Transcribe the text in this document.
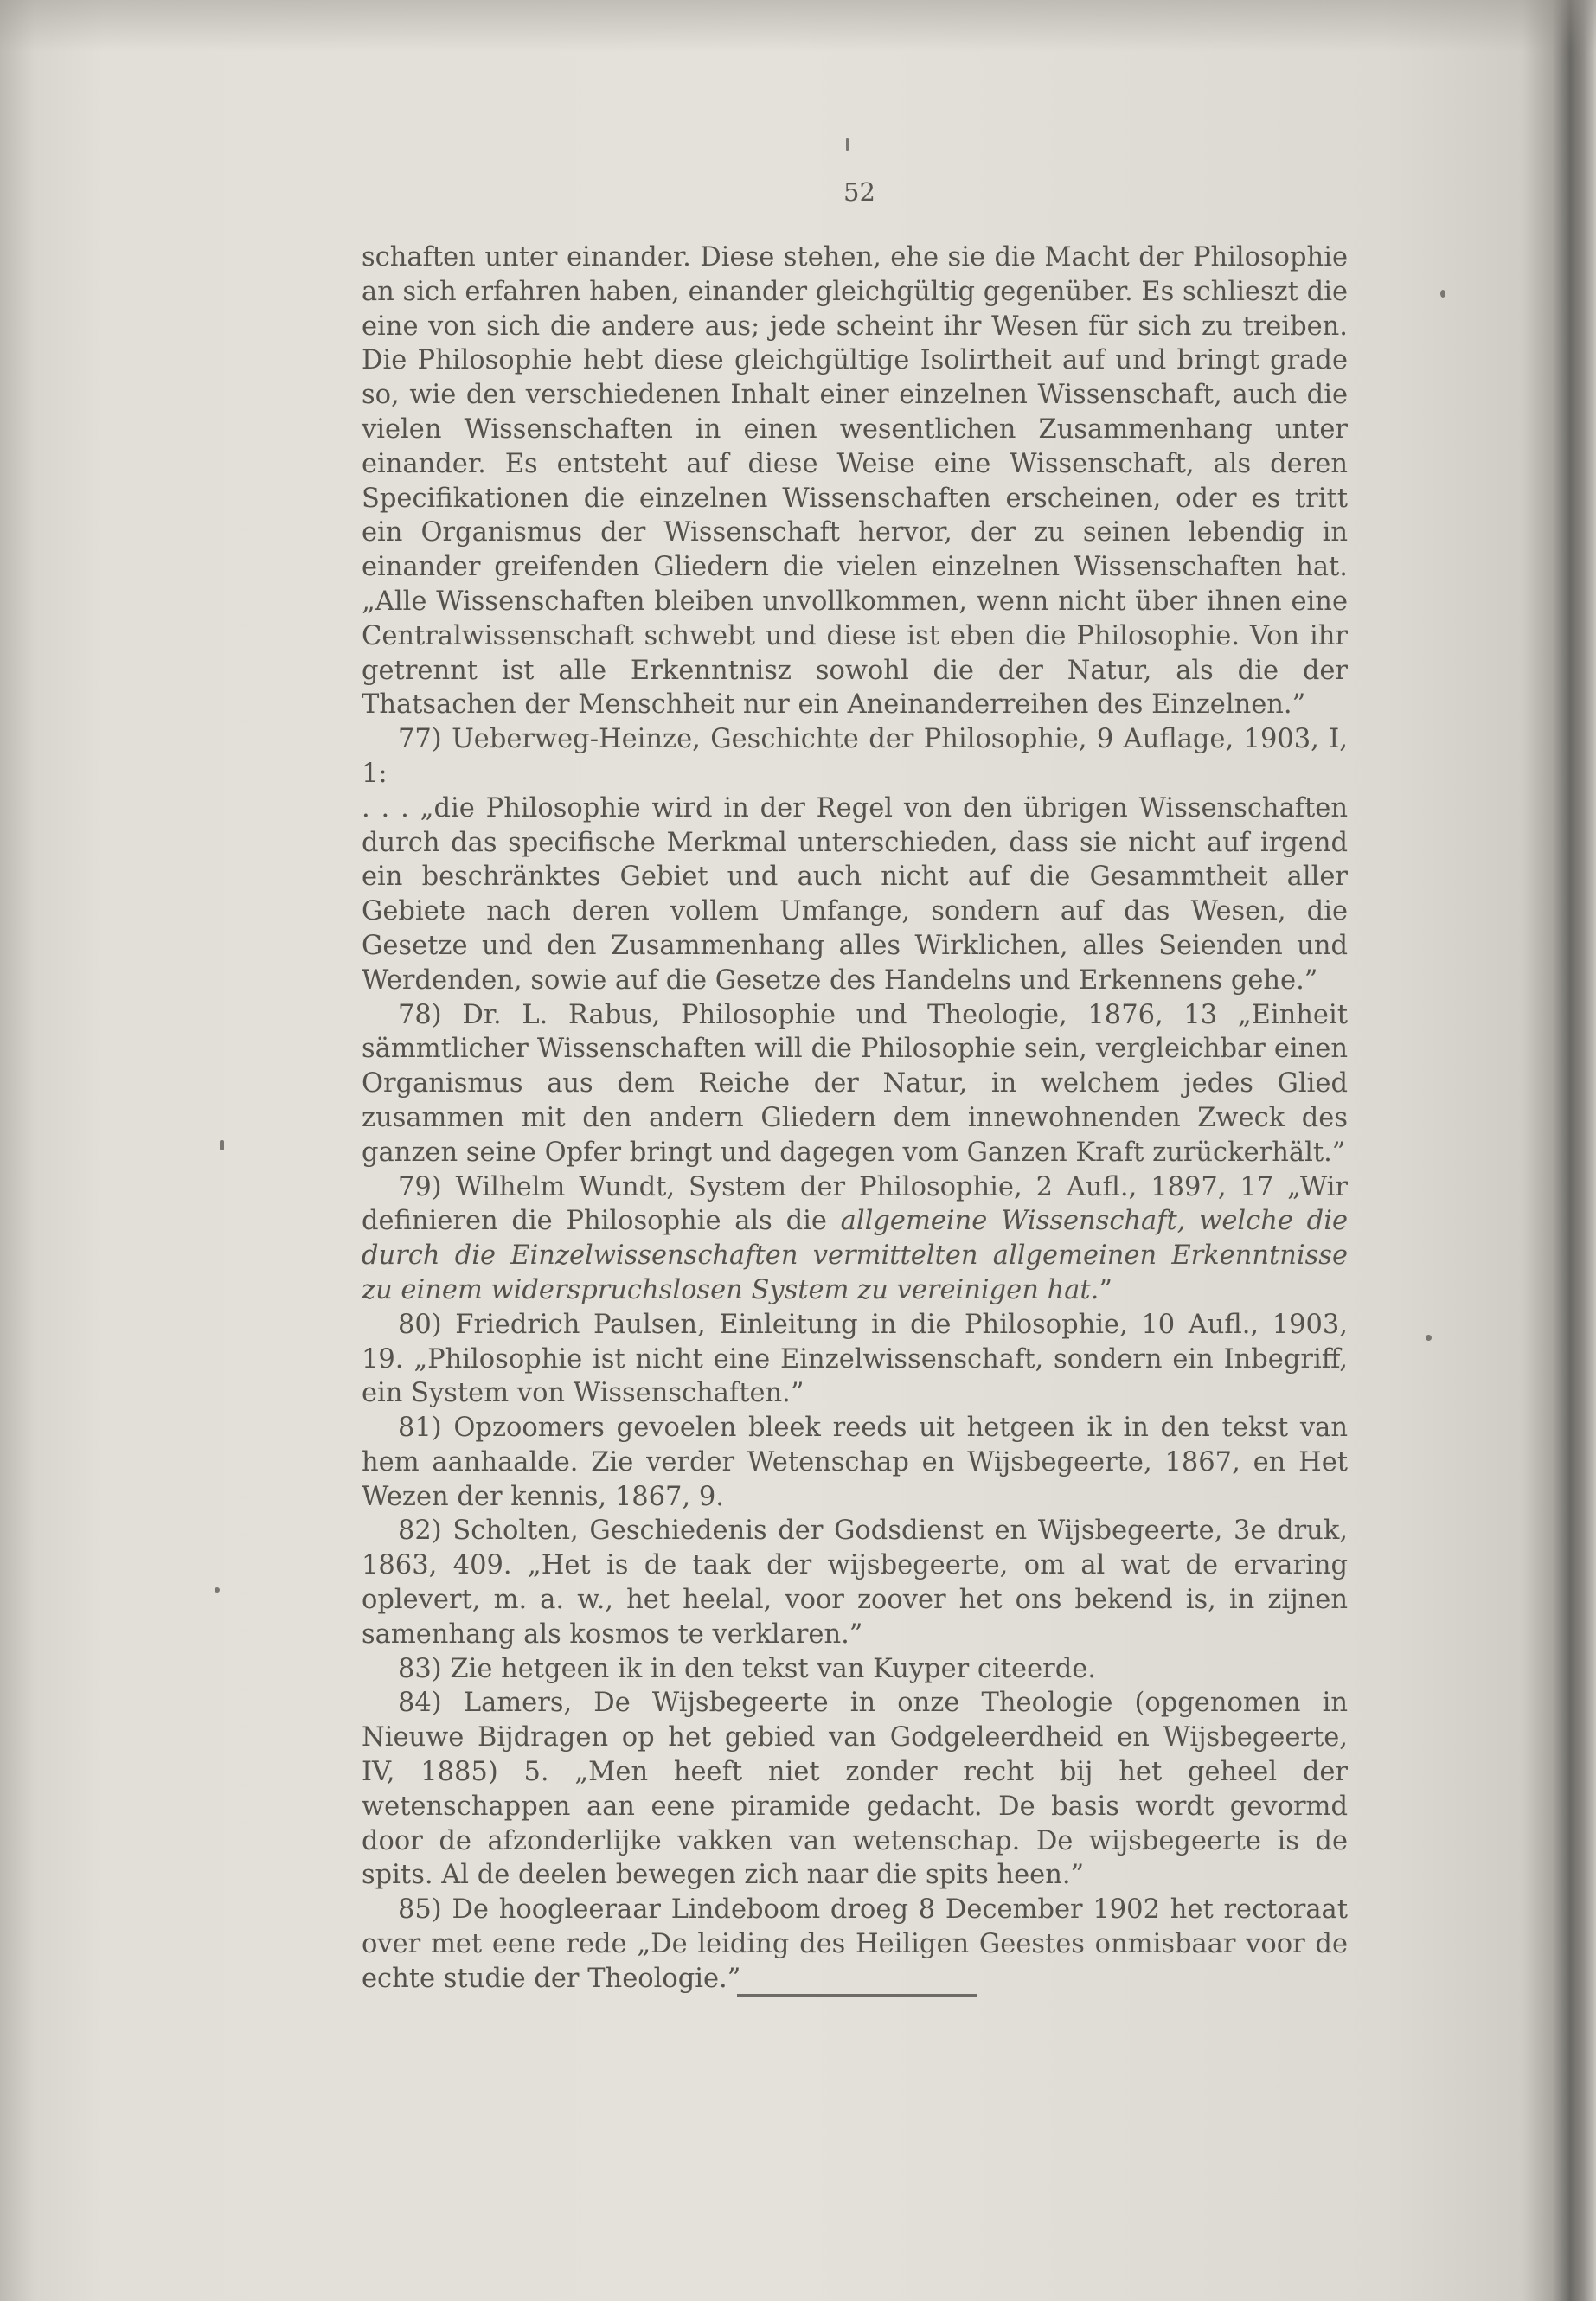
52

schaften unter einander. Diese stehen, ehe sie die Macht der Philosophie an sich erfahren haben, einander gleichgültig gegenüber. Es schlieszt die eine von sich die andere aus; jede scheint ihr Wesen für sich zu treiben. Die Philosophie hebt diese gleichgültige Isolirtheit auf und bringt grade so, wie den verschiedenen Inhalt einer einzelnen Wissenschaft, auch die vielen Wissenschaften in einen wesentlichen Zusammenhang unter einander. Es entsteht auf diese Weise eine Wissenschaft, als deren Specifikationen die einzelnen Wissenschaften erscheinen, oder es tritt ein Organismus der Wissenschaft hervor, der zu seinen lebendig in einander greifenden Gliedern die vielen einzelnen Wissenschaften hat. „Alle Wissenschaften bleiben unvollkommen, wenn nicht über ihnen eine Centralwissenschaft schwebt und diese ist eben die Philosophie. Von ihr getrennt ist alle Erkenntnisz sowohl die der Natur, als die der Thatsachen der Menschheit nur ein Aneinanderreihen des Einzelnen.”

77) Ueberweg-Heinze, Geschichte der Philosophie, 9 Auflage, 1903, I, 1:

. . . „die Philosophie wird in der Regel von den übrigen Wissenschaften durch das specifische Merkmal unterschieden, dass sie nicht auf irgend ein beschränktes Gebiet und auch nicht auf die Gesammtheit aller Gebiete nach deren vollem Umfange, sondern auf das Wesen, die Gesetze und den Zusammenhang alles Wirklichen, alles Seienden und Werdenden, sowie auf die Gesetze des Handelns und Erkennens gehe.”

78) Dr. L. Rabus, Philosophie und Theologie, 1876, 13 „Einheit sämmtlicher Wissenschaften will die Philosophie sein, vergleichbar einen Organismus aus dem Reiche der Natur, in welchem jedes Glied zusammen mit den andern Gliedern dem innewohnenden Zweck des ganzen seine Opfer bringt und dagegen vom Ganzen Kraft zurückerhält.”

79) Wilhelm Wundt, System der Philosophie, 2 Aufl., 1897, 17 „Wir definieren die Philosophie als die allgemeine Wissenschaft, welche die durch die Einzelwissenschaften vermittelten allgemeinen Erkenntnisse zu einem widerspruchslosen System zu vereinigen hat.”

80) Friedrich Paulsen, Einleitung in die Philosophie, 10 Aufl., 1903, 19. „Philosophie ist nicht eine Einzelwissenschaft, sondern ein Inbegriff, ein System von Wissenschaften.”

81) Opzoomers gevoelen bleek reeds uit hetgeen ik in den tekst van hem aanhaalde. Zie verder Wetenschap en Wijsbegeerte, 1867, en Het Wezen der kennis, 1867, 9.

82) Scholten, Geschiedenis der Godsdienst en Wijsbegeerte, 3e druk, 1863, 409. „Het is de taak der wijsbegeerte, om al wat de ervaring oplevert, m. a. w., het heelal, voor zoover het ons bekend is, in zijnen samenhang als kosmos te verklaren.”

83) Zie hetgeen ik in den tekst van Kuyper citeerde.

84) Lamers, De Wijsbegeerte in onze Theologie (opgenomen in Nieuwe Bijdragen op het gebied van Godgeleerdheid en Wijsbegeerte, IV, 1885) 5. „Men heeft niet zonder recht bij het geheel der wetenschappen aan eene piramide gedacht. De basis wordt gevormd door de afzonderlijke vakken van wetenschap. De wijsbegeerte is de spits. Al de deelen bewegen zich naar die spits heen.”

85) De hoogleeraar Lindeboom droeg 8 December 1902 het rectoraat over met eene rede „De leiding des Heiligen Geestes onmisbaar voor de echte studie der Theologie.”
